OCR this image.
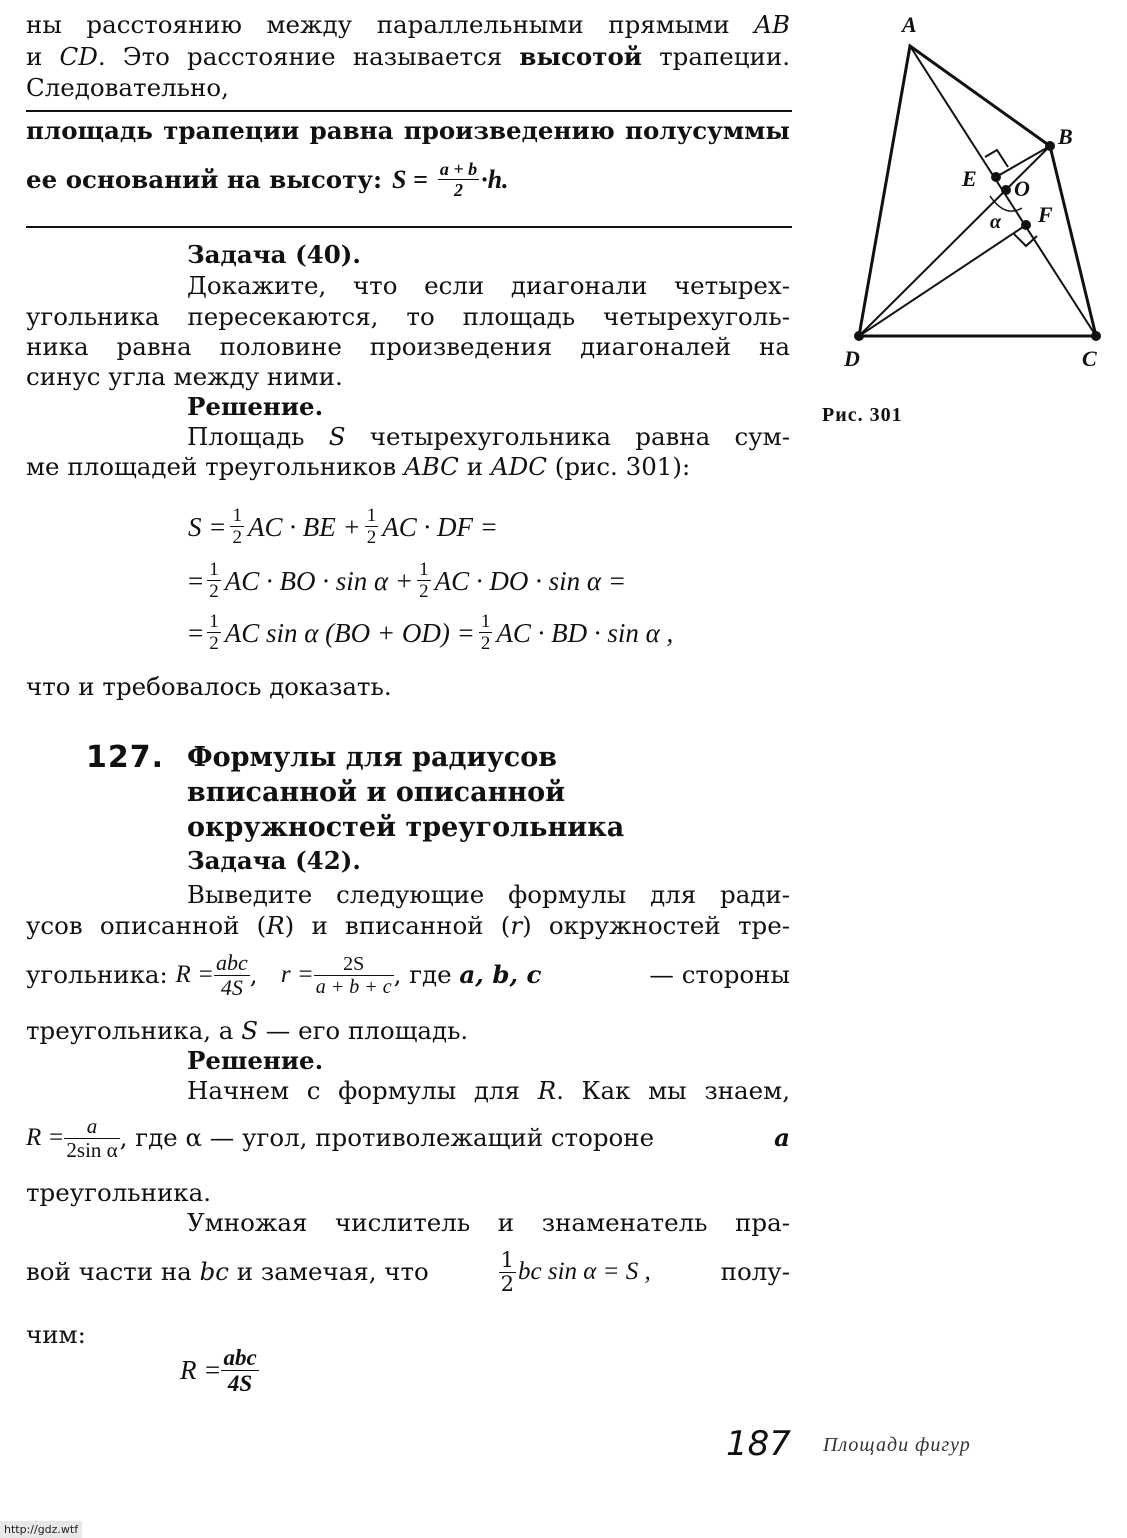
ны расстоянию между параллельными прямыми AB
и CD. Это расстояние называется высотой трапеции.
Следовательно,
площадь трапеции равна произведению полусуммы
ее оснований на высоту: $S = \frac{a + b}{2} \cdot h$.
Задача (40).
Докажите, что если диагонали четырех-
угольника пересекаются, то площадь четырехуголь-
ника равна половине произведения диагоналей на
синус угла между ними.
Решение.
Площадь S четырехугольника равна сум-
ме площадей треугольников ABC и ADC (рис. 301):
$S = \frac{1}{2}$ AC · BE + $\frac{1}{2}$ AC · DF =
= $\frac{1}{2}$ AC · BO · $\sin \alpha + \frac{1}{2}$ AC · DO · sin α =
= $\frac{1}{2}$ AC sin α $(BO + OD) = \frac{1}{2}$ AC · BD · sin α ,
что и требовалось доказать.
A
B
E O
F
α
D	C
Рис. 301
127. Формулы для радиусов
вписанной и описанной
окружностей треугольника
Задача (42).
Выведите следующие формулы для ради-
усов описанной (R) и вписанной (r) окружностей тре-
угольника:
$R = \frac{\text{abc}}{4S}$ ,
$r = \frac{2S}{a + b + c}$ , где
a, b, c
	— стороны
треугольника, а S — его площадь.
Решение.
Начнем с формулы для R. Как мы знаем,
$R = \frac{a}{\text{2sin α}}$ , где α — угол, противолежащий стороне	a
треугольника.
Умножая числитель и знаменатель пра-
вой части на bc и замечая, что	$\frac{1}{2}$ bc sin α = S ,	полу-
чим:
$R = \frac{\text{abc}}{4S}$
187 Площади фигур
http://gdz.wtf
